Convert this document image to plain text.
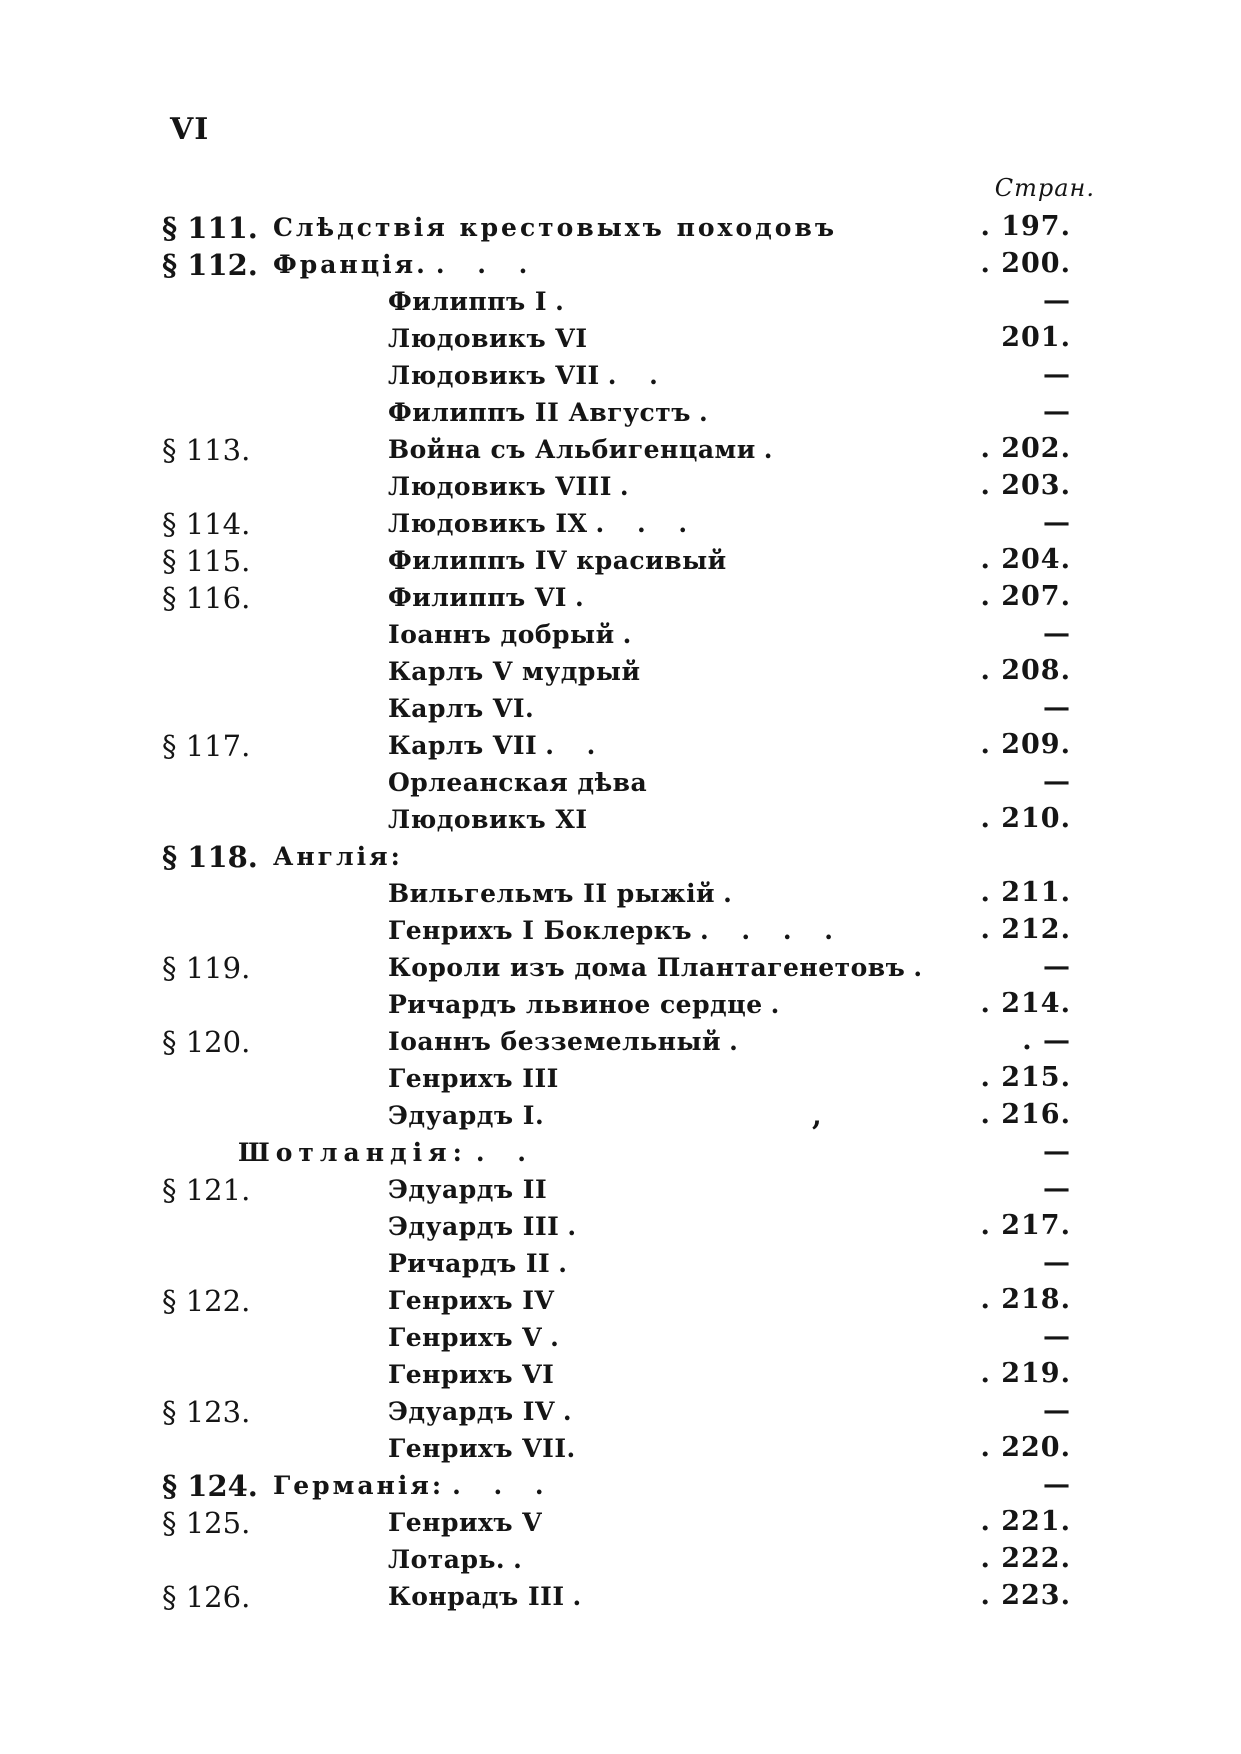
VI
Стран.
§ 111. Слѣдствія крестовыхъ походовъ	. 197.
§ 112. Франція. . . .	. 200.
Филиппъ I .	—
Людовикъ VI	201.
Людовикъ VII . .	—
Филиппъ II Августъ .	—
§ 113.	Война съ Альбигенцами .	. 202.
Людовикъ VIII .	. 203.
§ 114.	Людовикъ IX . . .	—
§ 115.	Филиппъ IV красивый	. 204.
§ 116.	Филиппъ VI .	. 207.
Іоаннъ добрый .	—
Карлъ V мудрый	. 208.
Карлъ VI.	—
§ 117.	Карлъ VII . .	. 209.
Орлеанская дѣва	—
Людовикъ XI	. 210.
§ 118. Англія:
Вильгельмъ II рыжій .	. 211.
Генрихъ I Боклеркъ . . . .	. 212.
§ 119.	Короли изъ дома Плантагенетовъ .	—
Ричардъ львиное сердце .	. 214.
§ 120.	Іоаннъ безземельный .	. —
Генрихъ III	. 215.
Эдуардъ I.	,	. 216.
Шотландія: . .	—
§ 121.	Эдуардъ II	—
Эдуардъ III .	. 217.
Ричардъ II .	—
§ 122.	Генрихъ IV	. 218.
Генрихъ V .	—
Генрихъ VI	. 219.
§ 123.	Эдуардъ IV .	—
Генрихъ VII.	. 220.
§ 124. Германія: . . .	—
§ 125.	Генрихъ V	. 221.
Лотарь. .	. 222.
§ 126.	Конрадъ III .	. 223.
